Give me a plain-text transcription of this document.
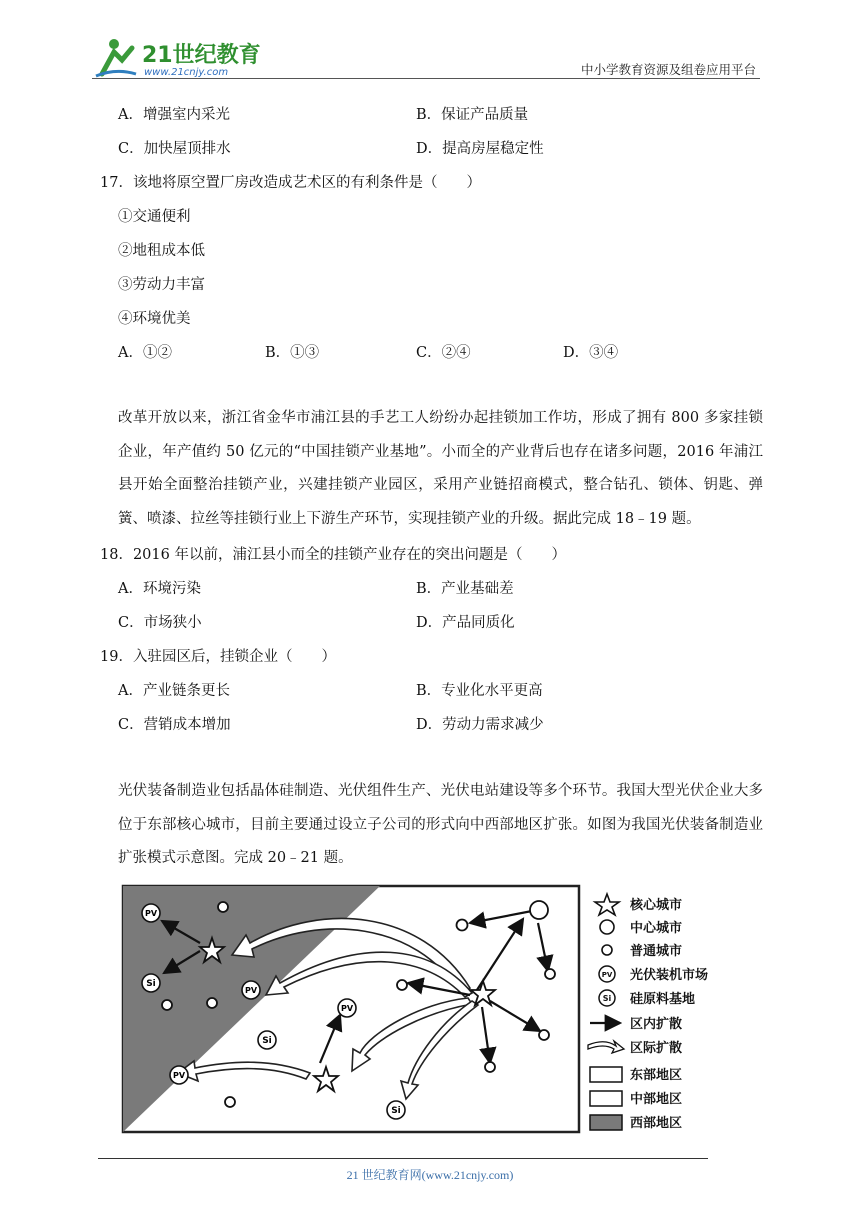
21世纪教育
www.21cnjy.com	中小学教育资源及组卷应用平台
A．增强室内采光	B．保证产品质量
C．加快屋顶排水	D．提高房屋稳定性
17．该地将原空置厂房改造成艺术区的有利条件是（　　）
①交通便利
②地租成本低
③劳动力丰富
④环境优美
A．①②	B．①③	C．②④	D．③④
改革开放以来，浙江省金华市浦江县的手艺工人纷纷办起挂锁加工作坊，形成了拥有 800 多家挂锁企业，年产值约 50 亿元的“中国挂锁产业基地”。小而全的产业背后也存在诸多问题，2016 年浦江县开始全面整治挂锁产业，兴建挂锁产业园区，采用产业链招商模式，整合钻孔、锁体、钥匙、弹簧、喷漆、拉丝等挂锁行业上下游生产环节，实现挂锁产业的升级。据此完成 18﹣19 题。
18．2016 年以前，浦江县小而全的挂锁产业存在的突出问题是（　　）
A．环境污染	B．产业基础差
C．市场狭小	D．产品同质化
19．入驻园区后，挂锁企业（　　）
A．产业链条更长	B．专业化水平更高
C．营销成本增加	D．劳动力需求减少
光伏装备制造业包括晶体硅制造、光伏组件生产、光伏电站建设等多个环节。我国大型光伏企业大多位于东部核心城市，目前主要通过设立子公司的形式向中西部地区扩张。如图为我国光伏装备制造业扩张模式示意图。完成 20﹣21 题。
PV
PV
PV
PV
Si
Si
Si
核心城市
中心城市
普通城市
PV 光伏装机市场
Si 硅原料基地
区内扩散
区际扩散
东部地区
中部地区
西部地区
21 世纪教育网(www.21cnjy.com)
